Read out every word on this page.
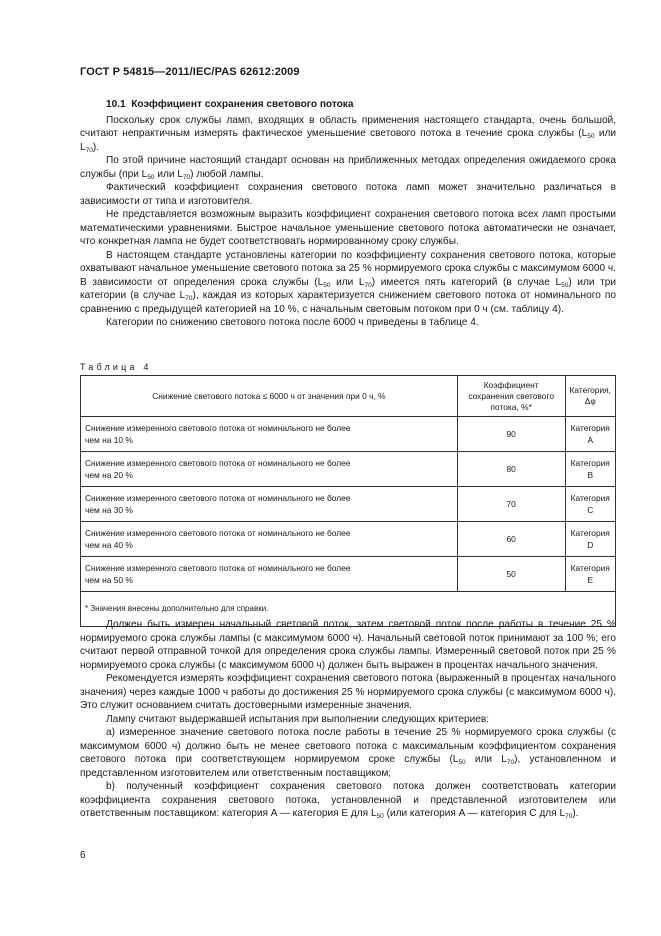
ГОСТ Р 54815—2011/IEC/PAS 62612:2009
10.1 Коэффициент сохранения светового потока

Поскольку срок службы ламп, входящих в область применения настоящего стандарта, очень большой, считают непрактичным измерять фактическое уменьшение светового потока в течение срока службы ($L_{50}$ или $L_{70}$).

По этой причине настоящий стандарт основан на приближенных методах определения ожидаемого срока службы (при $L_{50}$ или $L_{70}$) любой лампы.

Фактический коэффициент сохранения светового потока ламп может значительно различаться в зависимости от типа и изготовителя.

Не представляется возможным выразить коэффициент сохранения светового потока всех ламп простыми математическими уравнениями. Быстрое начальное уменьшение светового потока автоматически не означает, что конкретная лампа не будет соответствовать нормированному сроку службы.

В настоящем стандарте установлены категории по коэффициенту сохранения светового потока, которые охватывают начальное уменьшение светового потока за 25 % нормируемого срока службы с максимумом 6000 ч. В зависимости от определения срока службы ($L_{50}$ или $L_{70}$) имеется пять категорий (в случае $L_{50}$) или три категории (в случае $L_{70}$), каждая из которых характеризуется снижением светового потока от номинального по сравнению с предыдущей категорией на 10 %, с начальным световым потоком при 0 ч (см. таблицу 4).

Категории по снижению светового потока после 6000 ч приведены в таблице 4.

Таблица 4
Снижение светового потока ≤ 6000 ч от значения при 0 ч, %	Коэффициент сохранения светового потока, %*	Категория, Δφ
Снижение измеренного светового потока от номинального не более
чем на 10 %	90	Категория A
Снижение измеренного светового потока от номинального не более
чем на 20 %	80	Категория B
Снижение измеренного светового потока от номинального не более
чем на 30 %	70	Категория C
Снижение измеренного светового потока от номинального не более
чем на 40 %	60	Категория D
Снижение измеренного светового потока от номинального не более
чем на 50 %	50	Категория E
* Значения внесены дополнительно для справки.		

Должен быть измерен начальный световой поток, затем световой поток после работы в течение 25 % нормируемого срока службы лампы (с максимумом 6000 ч). Начальный световой поток принимают за 100 %; его считают первой отправной точкой для определения срока службы лампы. Измеренный световой поток при 25 % нормируемого срока службы (с максимумом 6000 ч) должен быть выражен в процентах начального значения.

Рекомендуется измерять коэффициент сохранения светового потока (выраженный в процентах начального значения) через каждые 1000 ч работы до достижения 25 % нормируемого срока службы (с максимумом 6000 ч). Это служит основанием считать достоверными измеренные значения.

Лампу считают выдержавшей испытания при выполнении следующих критериев:

а) измеренное значение светового потока после работы в течение 25 % нормируемого срока службы (с максимумом 6000 ч) должно быть не менее светового потока с максимальным коэффициентом сохранения светового потока при соответствующем нормируемом сроке службы ($L_{50}$ или $L_{70}$), установленном и представленном изготовителем или ответственным поставщиком;

b) полученный коэффициент сохранения светового потока должен соответствовать категории коэффициента сохранения светового потока, установленной и представленной изготовителем или ответственным поставщиком: категория A — категория E для $L_{50}$ (или категория A — категория C для $L_{70}$).

6
